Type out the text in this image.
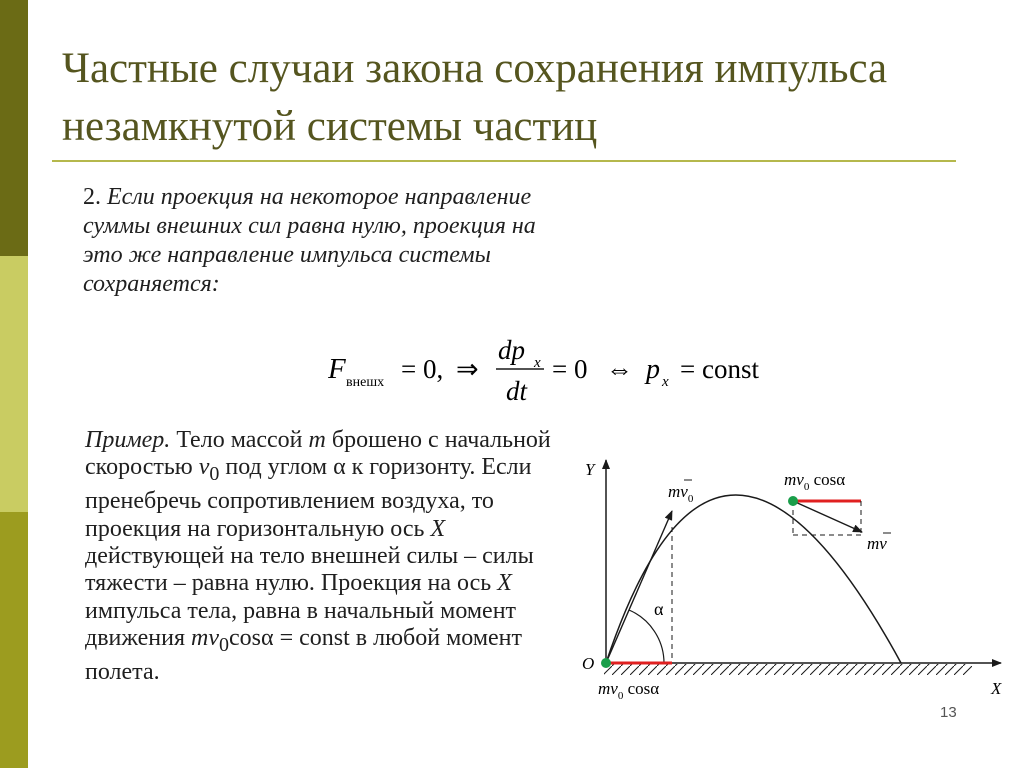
Частные случаи закона сохранения импульса незамкнутой системы частиц
2. Если проекция на некоторое направление суммы внешних сил равна нулю, проекция на это же направление импульса системы сохраняется:
F внешx = 0, ⇒
dp x
dt
= 0 ⇔ p x = const
Пример. Тело массой m брошено с начальной скоростью $v_0$ под углом α к горизонту. Если пренебречь сопротивлением воздуха, то проекция на горизонтальную ось X действующей на тело внешней силы – силы тяжести – равна нулю. Проекция на ось X импульса тела, равна в начальный момент движения $mv_0\cos\alpha$ = const в любой момент полета.
Y
X
O
α
$mv_0$
$mv_0$ cosα
mv
$mv_0$ cosα
13
